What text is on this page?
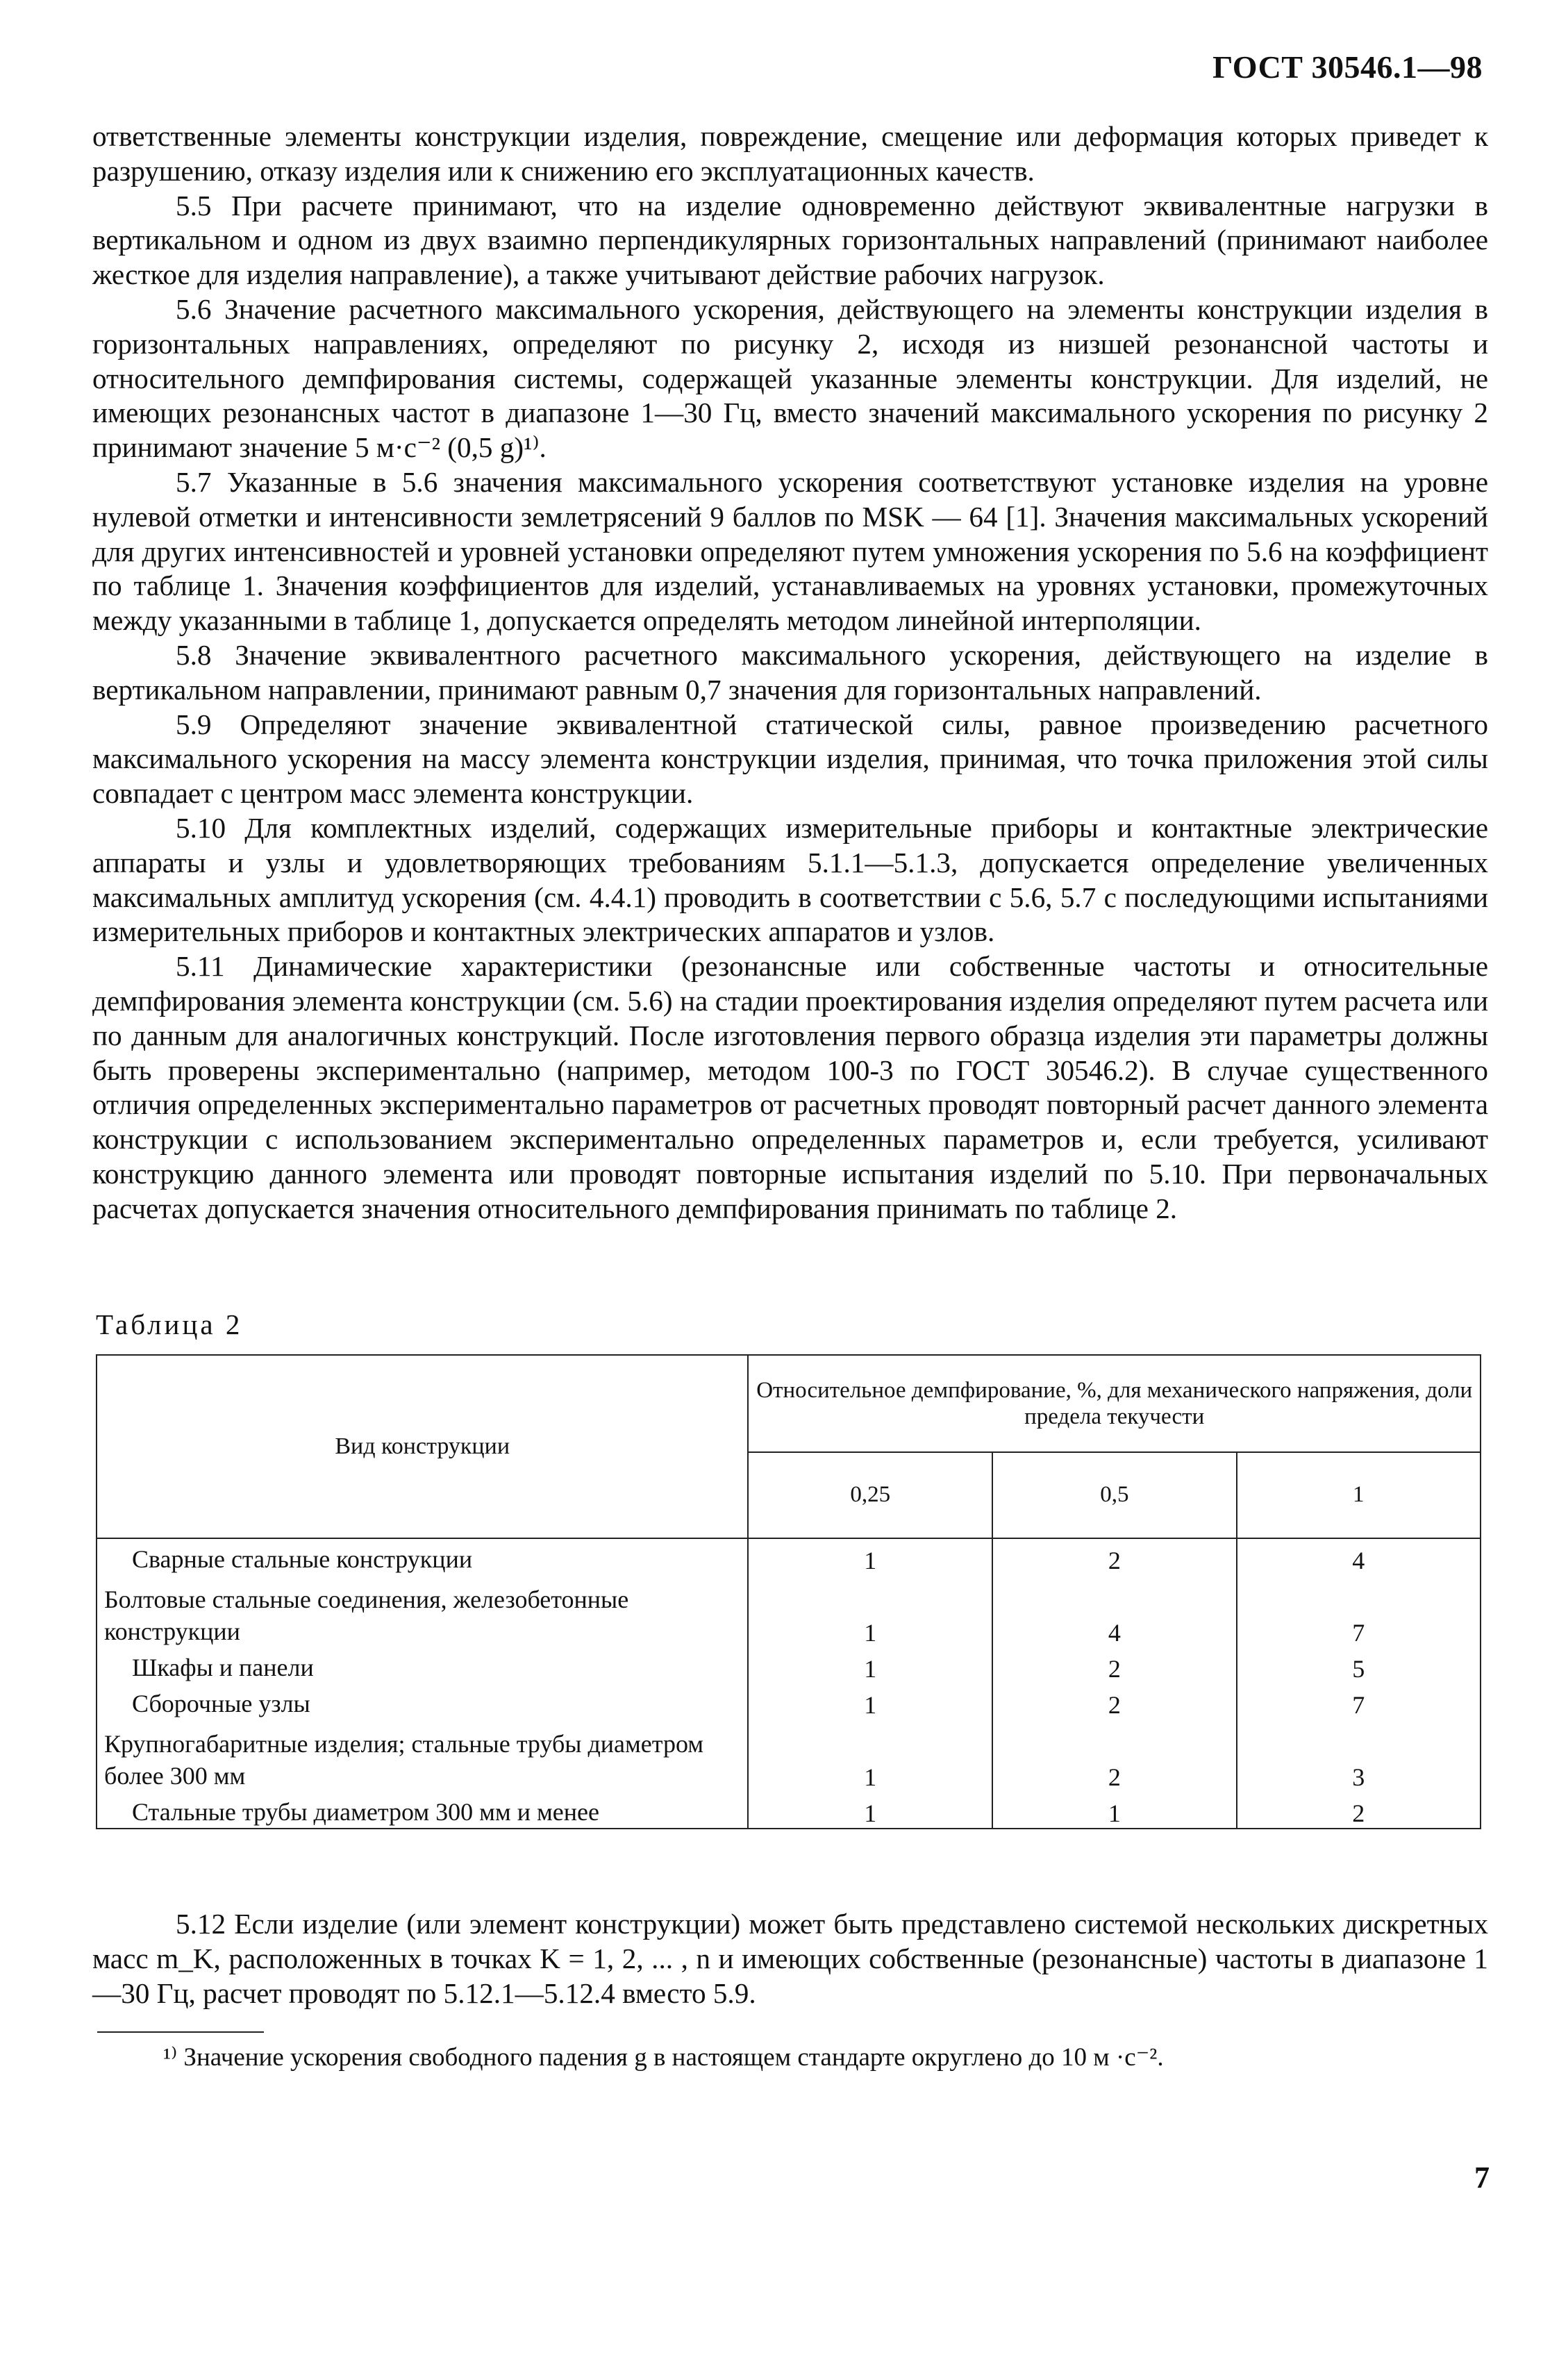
ГОСТ 30546.1—98

ответственные элементы конструкции изделия, повреждение, смещение или деформация которых приведет к разрушению, отказу изделия или к снижению его эксплуатационных качеств.

5.5 При расчете принимают, что на изделие одновременно действуют эквивалентные нагрузки в вертикальном и одном из двух взаимно перпендикулярных горизонтальных направлений (принимают наиболее жесткое для изделия направление), а также учитывают действие рабочих нагрузок.

5.6 Значение расчетного максимального ускорения, действующего на элементы конструкции изделия в горизонтальных направлениях, определяют по рисунку 2, исходя из низшей резонансной частоты и относительного демпфирования системы, содержащей указанные элементы конструкции. Для изделий, не имеющих резонансных частот в диапазоне 1—30 Гц, вместо значений максимального ускорения по рисунку 2 принимают значение 5 м·с⁻² (0,5 g)¹⁾.

5.7 Указанные в 5.6 значения максимального ускорения соответствуют установке изделия на уровне нулевой отметки и интенсивности землетрясений 9 баллов по MSK — 64 [1]. Значения максимальных ускорений для других интенсивностей и уровней установки определяют путем умножения ускорения по 5.6 на коэффициент по таблице 1. Значения коэффициентов для изделий, устанавливаемых на уровнях установки, промежуточных между указанными в таблице 1, допускается определять методом линейной интерполяции.

5.8 Значение эквивалентного расчетного максимального ускорения, действующего на изделие в вертикальном направлении, принимают равным 0,7 значения для горизонтальных направлений.

5.9 Определяют значение эквивалентной статической силы, равное произведению расчетного максимального ускорения на массу элемента конструкции изделия, принимая, что точка приложения этой силы совпадает с центром масс элемента конструкции.

5.10 Для комплектных изделий, содержащих измерительные приборы и контактные электрические аппараты и узлы и удовлетворяющих требованиям 5.1.1—5.1.3, допускается определение увеличенных максимальных амплитуд ускорения (см. 4.4.1) проводить в соответствии с 5.6, 5.7 с последующими испытаниями измерительных приборов и контактных электрических аппаратов и узлов.

5.11 Динамические характеристики (резонансные или собственные частоты и относительные демпфирования элемента конструкции (см. 5.6) на стадии проектирования изделия определяют путем расчета или по данным для аналогичных конструкций. После изготовления первого образца изделия эти параметры должны быть проверены экспериментально (например, методом 100-3 по ГОСТ 30546.2). В случае существенного отличия определенных экспериментально параметров от расчетных проводят повторный расчет данного элемента конструкции с использованием экспериментально определенных параметров и, если требуется, усиливают конструкцию данного элемента или проводят повторные испытания изделий по 5.10. При первоначальных расчетах допускается значения относительного демпфирования принимать по таблице 2.

Таблица 2
Вид конструкции	Относительное демпфирование, %, для механического напряжения, доли предела текучести		
	0,25	0,5	1
Сварные стальные конструкции	1	2	4
Болтовые стальные соединения, железобетонные конструкции	1	4	7
Шкафы и панели	1	2	5
Сборочные узлы	1	2	7
Крупногабаритные изделия; стальные трубы диаметром более 300 мм	1	2	3
Стальные трубы диаметром 300 мм и менее	1	1	2

5.12 Если изделие (или элемент конструкции) может быть представлено системой нескольких дискретных масс m_K, расположенных в точках K = 1, 2, ... , n и имеющих собственные (резонансные) частоты в диапазоне 1—30 Гц, расчет проводят по 5.12.1—5.12.4 вместо 5.9.

¹⁾ Значение ускорения свободного падения g в настоящем стандарте округлено до 10 м ·с⁻².
7
